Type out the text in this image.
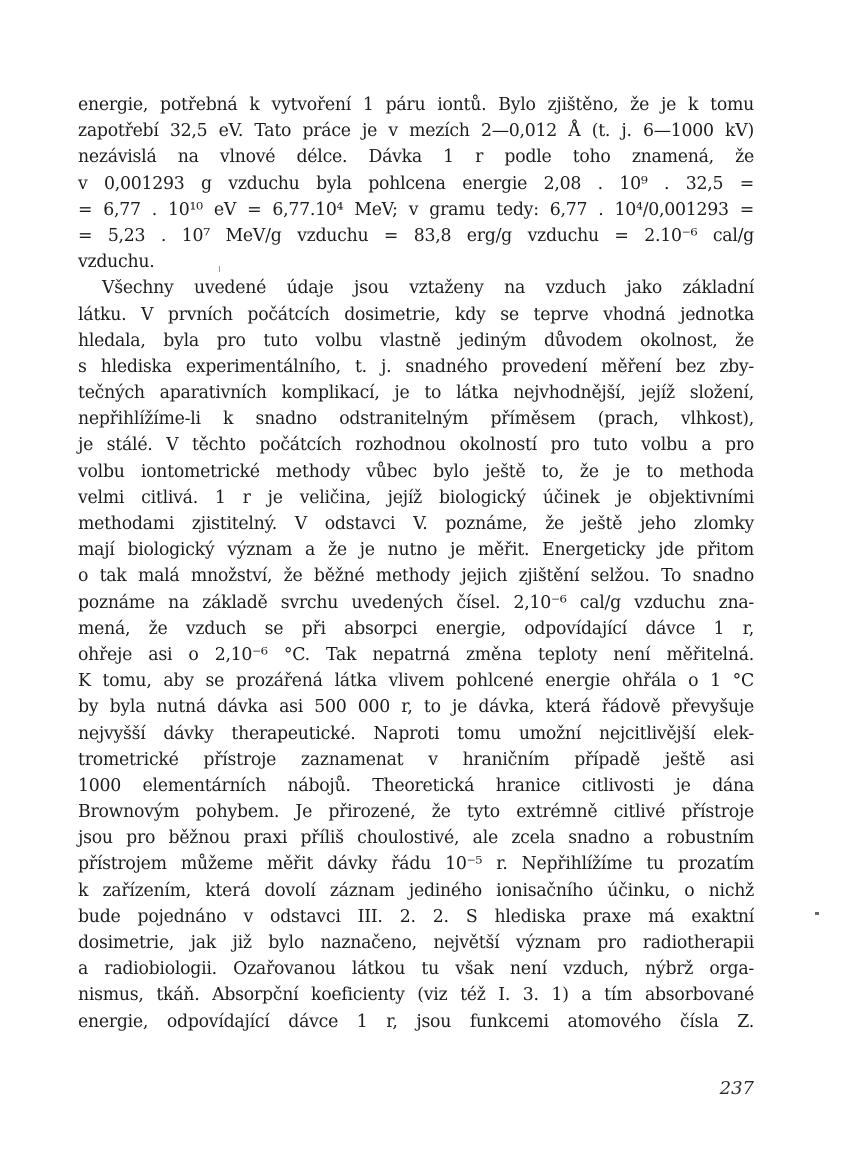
energie, potřebná k vytvoření 1 páru iontů. Bylo zjištěno, že je k tomu
zapotřebí 32,5 eV. Tato práce je v mezích 2—0,012 Å (t. j. 6—1000 kV)
nezávislá na vlnové délce. Dávka 1 r podle toho znamená, že
v 0,001293 g vzduchu byla pohlcena energie 2,08 . 10⁹ . 32,5 =
= 6,77 . 10¹⁰ eV = 6,77.10⁴ MeV; v gramu tedy: 6,77 . 10⁴/0,001293 =
= 5,23 . 10⁷ MeV/g vzduchu = 83,8 erg/g vzduchu = 2.10⁻⁶ cal/g
vzduchu.
Všechny uvedené údaje jsou vztaženy na vzduch jako základní
látku. V prvních počátcích dosimetrie, kdy se teprve vhodná jednotka
hledala, byla pro tuto volbu vlastně jediným důvodem okolnost, že
s hlediska experimentálního, t. j. snadného provedení měření bez zby-
tečných aparativních komplikací, je to látka nejvhodnější, jejíž složení,
nepřihlížíme-li k snadno odstranitelným příměsem (prach, vlhkost),
je stálé. V těchto počátcích rozhodnou okolností pro tuto volbu a pro
volbu iontometrické methody vůbec bylo ještě to, že je to methoda
velmi citlivá. 1 r je veličina, jejíž biologický účinek je objektivními
methodami zjistitelný. V odstavci V. poznáme, že ještě jeho zlomky
mají biologický význam a že je nutno je měřit. Energeticky jde přitom
o tak malá množství, že běžné methody jejich zjištění selžou. To snadno
poznáme na základě svrchu uvedených čísel. 2,10⁻⁶ cal/g vzduchu zna-
mená, že vzduch se při absorpci energie, odpovídající dávce 1 r,
ohřeje asi o 2,10⁻⁶ °C. Tak nepatrná změna teploty není měřitelná.
K tomu, aby se prozářená látka vlivem pohlcené energie ohřála o 1 °C
by byla nutná dávka asi 500 000 r, to je dávka, která řádově převyšuje
nejvyšší dávky therapeutické. Naproti tomu umožní nejcitlivější elek-
trometrické přístroje zaznamenat v hraničním případě ještě asi
1000 elementárních nábojů. Theoretická hranice citlivosti je dána
Brownovým pohybem. Je přirozené, že tyto extrémně citlivé přístroje
jsou pro běžnou praxi příliš choulostivé, ale zcela snadno a robustním
přístrojem můžeme měřit dávky řádu 10⁻⁵ r. Nepřihlížíme tu prozatím
k zařízením, která dovolí záznam jediného ionisačního účinku, o nichž
bude pojednáno v odstavci III. 2. 2. S hlediska praxe má exaktní
dosimetrie, jak již bylo naznačeno, největší význam pro radiotherapii
a radiobiologii. Ozařovanou látkou tu však není vzduch, nýbrž orga-
nismus, tkáň. Absorpční koeficienty (viz též I. 3. 1) a tím absorbované
energie, odpovídající dávce 1 r, jsou funkcemi atomového čísla Z.
237
